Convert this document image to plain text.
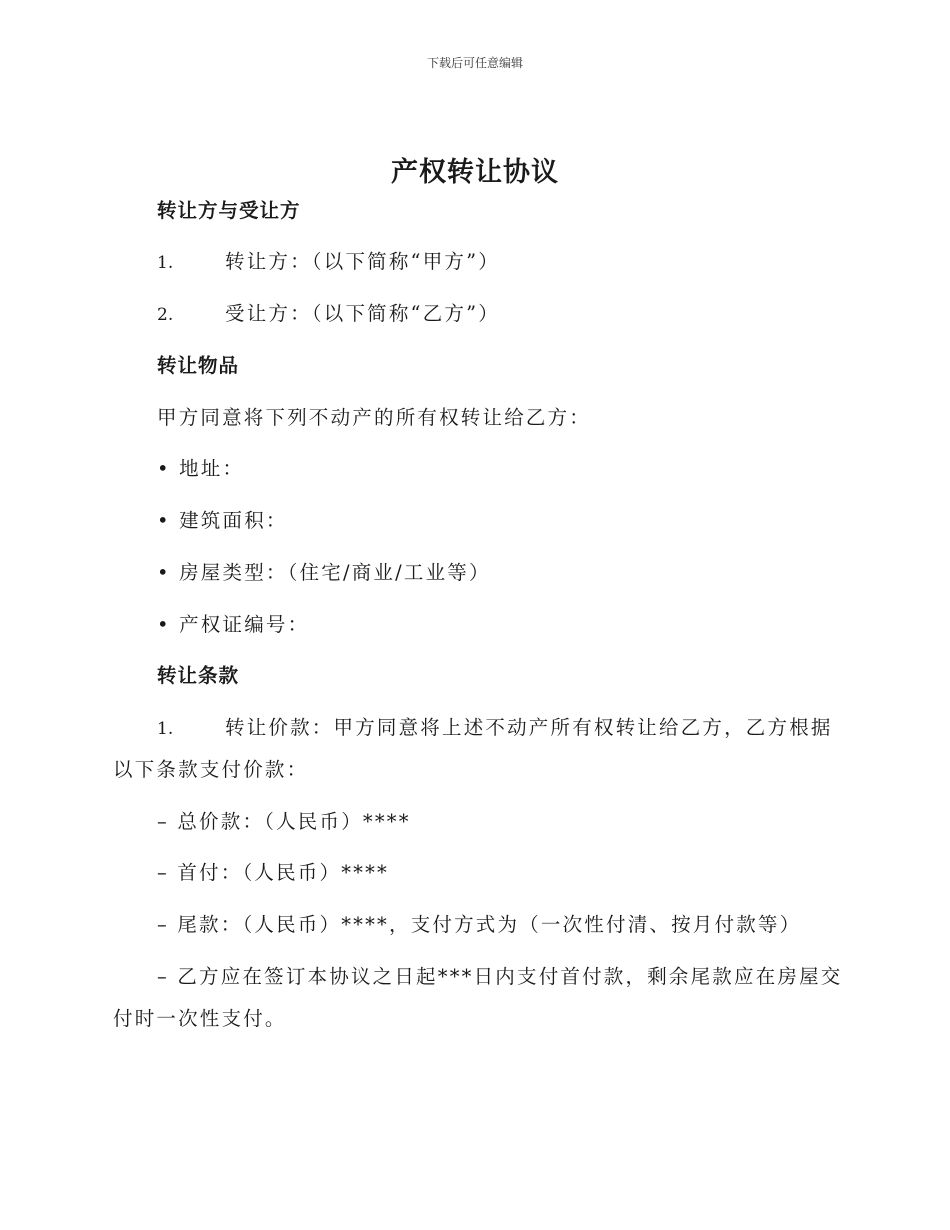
下载后可任意编辑
产权转让协议
转让方与受让方
1.	转让方：（以下简称“甲方”）
2.	受让方：（以下简称“乙方”）
转让物品
甲方同意将下列不动产的所有权转让给乙方：
• 地址：
• 建筑面积：
• 房屋类型：（住宅/商业/工业等）
• 产权证编号：
转让条款
1.	转让价款：甲方同意将上述不动产所有权转让给乙方，乙方根据
以下条款支付价款：
– 总价款：（人民币）****
– 首付：（人民币）****
– 尾款：（人民币）****，支付方式为（一次性付清、按月付款等）
– 乙方应在签订本协议之日起***日内支付首付款，剩余尾款应在房屋交
付时一次性支付。
